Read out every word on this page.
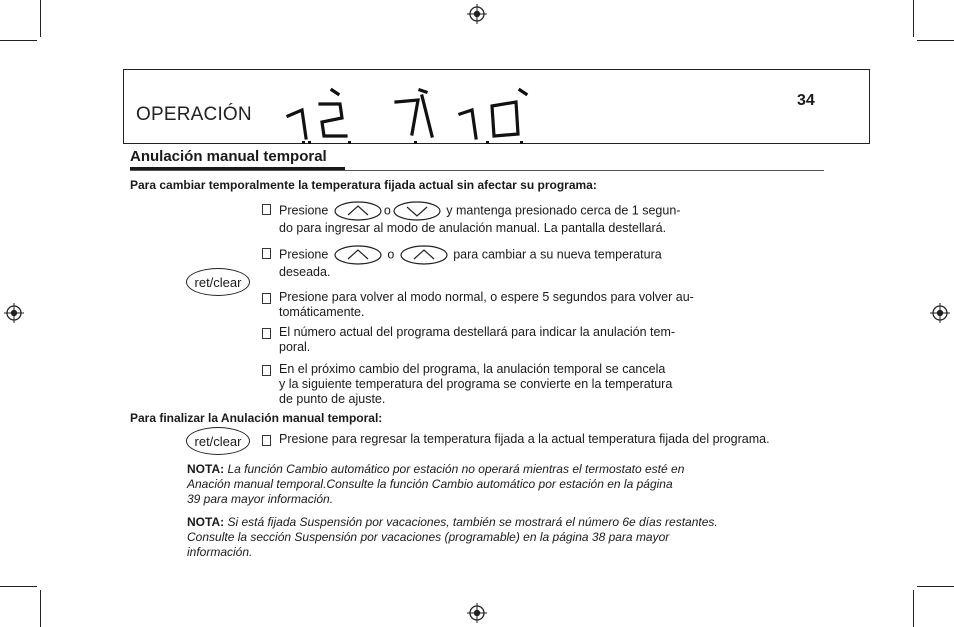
OPERACIÓN
34
Anulación manual temporal
Para cambiar temporalmente la temperatura fijada actual sin afectar su programa:
Presione	o	y mantenga presionado cerca de 1 segun-
do para ingresar al modo de anulación manual. La pantalla destellará.
Presione	o	para cambiar a su nueva temperatura
deseada.
ret/clear
Presione para volver al modo normal, o espere 5 segundos para volver au-
tomáticamente.
El número actual del programa destellará para indicar la anulación tem-
poral.
En el próximo cambio del programa, la anulación temporal se cancela
y la siguiente temperatura del programa se convierte en la temperatura
de punto de ajuste.
Para finalizar la Anulación manual temporal:
ret/clear	Presione para regresar la temperatura fijada a la actual temperatura fijada del programa.
NOTA: La función Cambio automático por estación no operará mientras el termostato esté en
Anación manual temporal.Consulte la función Cambio automático por estación en la página
39 para mayor información.
NOTA: Si está fijada Suspensión por vacaciones, también se mostrará el número 6e días restantes.
Consulte la sección Suspensión por vacaciones (programable) en la página 38 para mayor
información.
